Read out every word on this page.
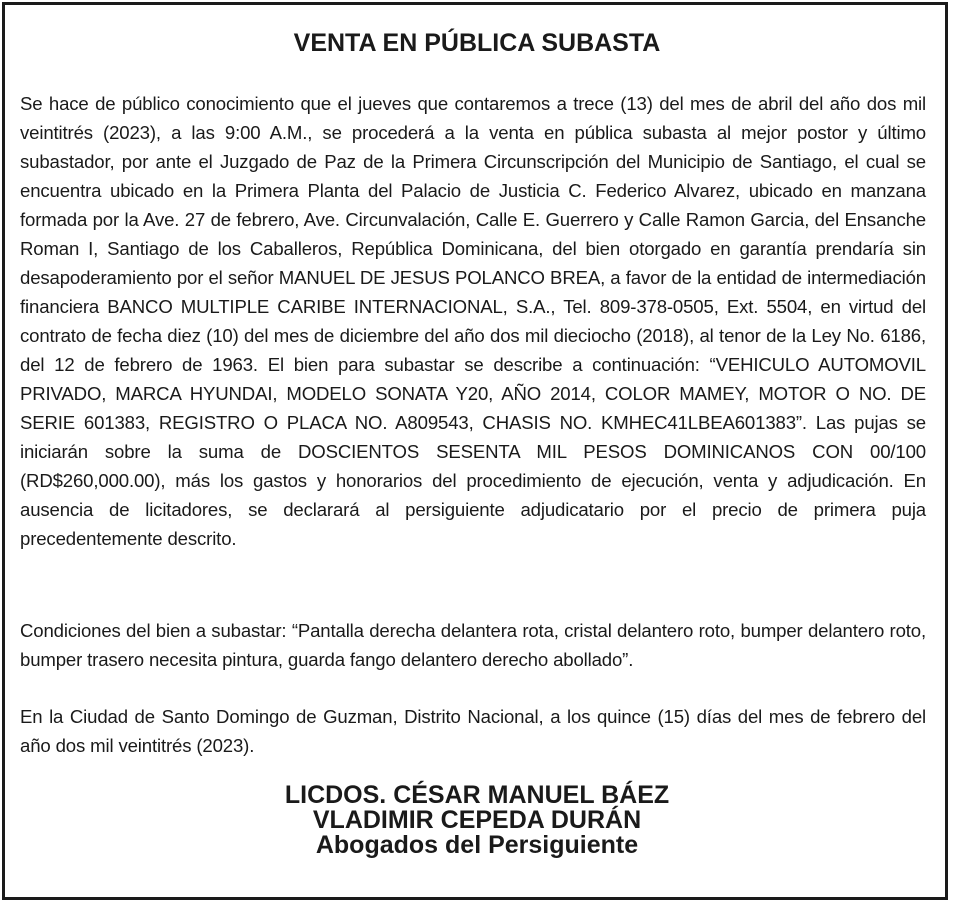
VENTA EN PÚBLICA SUBASTA

Se hace de público conocimiento que el jueves que contaremos a trece (13) del mes de abril del año dos mil veintitrés (2023), a las 9:00 A.M., se procederá a la venta en pública subasta al mejor postor y último subastador, por ante el Juzgado de Paz de la Primera Circunscripción del Municipio de Santiago, el cual se encuentra ubicado en la Primera Planta del Palacio de Justicia C. Federico Alvarez, ubicado en manzana formada por la Ave. 27 de febrero, Ave. Circunvalación, Calle E. Guerrero y Calle Ramon Garcia, del Ensanche Roman I, Santiago de los Caballeros, República Dominicana, del bien otorgado en garantía prendaría sin desapoderamiento por el señor MANUEL DE JESUS POLANCO BREA, a favor de la entidad de intermediación financiera BANCO MULTIPLE CARIBE INTERNACIONAL, S.A., Tel. 809-378-0505, Ext. 5504, en virtud del contrato de fecha diez (10) del mes de diciembre del año dos mil dieciocho (2018), al tenor de la Ley No. 6186, del 12 de febrero de 1963. El bien para subastar se describe a continuación: “VEHICULO AUTOMOVIL PRIVADO, MARCA HYUNDAI, MODELO SONATA Y20, AÑO 2014, COLOR MAMEY, MOTOR O NO. DE SERIE 601383, REGISTRO O PLACA NO. A809543, CHASIS NO. KMHEC41LBEA601383”. Las pujas se iniciarán sobre la suma de DOSCIENTOS SESENTA MIL PESOS DOMINICANOS CON 00/100 (RD$260,000.00), más los gastos y honorarios del procedimiento de ejecución, venta y adjudicación. En ausencia de licitadores, se declarará al persiguiente adjudicatario por el precio de primera puja precedentemente descrito.

Condiciones del bien a subastar: “Pantalla derecha delantera rota, cristal delantero roto, bumper delantero roto, bumper trasero necesita pintura, guarda fango delantero derecho abollado”.

En la Ciudad de Santo Domingo de Guzman, Distrito Nacional, a los quince (15) días del mes de febrero del año dos mil veintitrés (2023).

LICDOS. CÉSAR MANUEL BÁEZ
VLADIMIR CEPEDA DURÁN
Abogados del Persiguiente
